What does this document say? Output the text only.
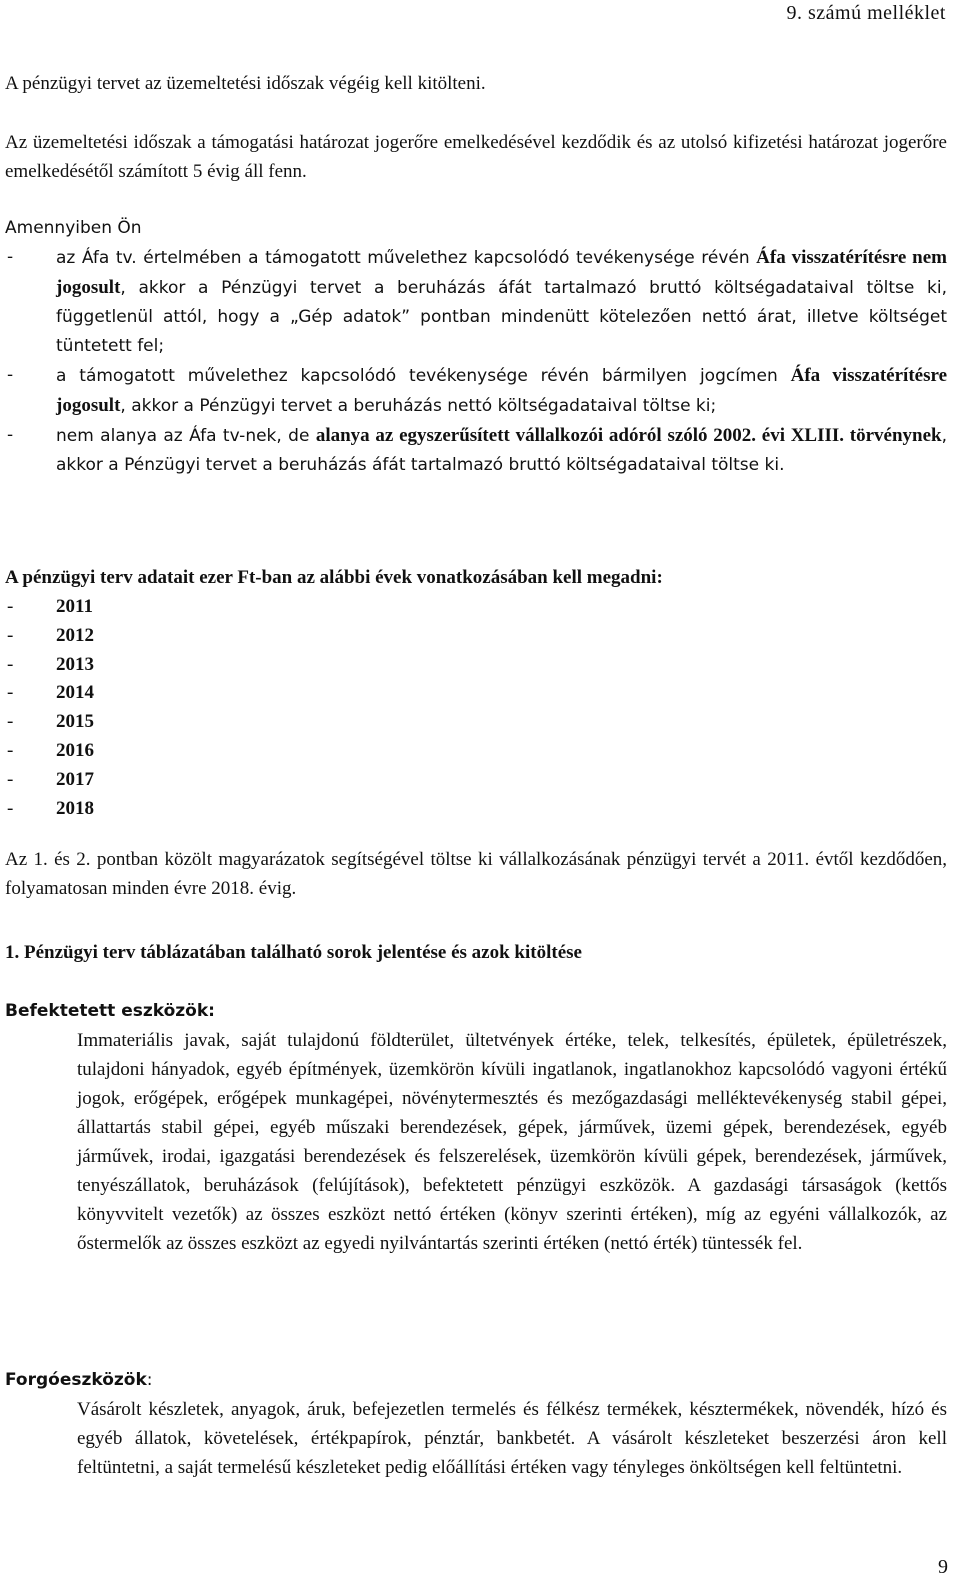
9. számú melléklet

A pénzügyi tervet az üzemeltetési időszak végéig kell kitölteni.

Az üzemeltetési időszak a támogatási határozat jogerőre emelkedésével kezdődik és az utolsó kifizetési határozat jogerőre emelkedésétől számított 5 évig áll fenn.

Amennyiben Ön

-	az Áfa tv. értelmében a támogatott művelethez kapcsolódó tevékenysége révén Áfa visszatérítésre nem jogosult, akkor a Pénzügyi tervet a beruházás áfát tartalmazó bruttó költségadataival töltse ki, függetlenül attól, hogy a „Gép adatok” pontban mindenütt kötelezően nettó árat, illetve költséget tüntetett fel;
-	a támogatott művelethez kapcsolódó tevékenysége révén bármilyen jogcímen Áfa visszatérítésre jogosult, akkor a Pénzügyi tervet a beruházás nettó költségadataival töltse ki;
-	nem alanya az Áfa tv-nek, de alanya az egyszerűsített vállalkozói adóról szóló 2002. évi XLIII. törvénynek, akkor a Pénzügyi tervet a beruházás áfát tartalmazó bruttó költségadataival töltse ki.

A pénzügyi terv adatait ezer Ft-ban az alábbi évek vonatkozásában kell megadni:

- 2011
- 2012
- 2013
- 2014
- 2015
- 2016
- 2017
- 2018

Az 1. és 2. pontban közölt magyarázatok segítségével töltse ki vállalkozásának pénzügyi tervét a 2011. évtől kezdődően, folyamatosan minden évre 2018. évig.

1. Pénzügyi terv táblázatában található sorok jelentése és azok kitöltése

Befektetett eszközök:

Immateriális javak, saját tulajdonú földterület, ültetvények értéke, telek, telkesítés, épületek, épületrészek, tulajdoni hányadok, egyéb építmények, üzemkörön kívüli ingatlanok, ingatlanokhoz kapcsolódó vagyoni értékű jogok, erőgépek, erőgépek munkagépei, növénytermesztés és mezőgazdasági melléktevékenység stabil gépei, állattartás stabil gépei, egyéb műszaki berendezések, gépek, járművek, üzemi gépek, berendezések, egyéb járművek, irodai, igazgatási berendezések és felszerelések, üzemkörön kívüli gépek, berendezések, járművek, tenyészállatok, beruházások (felújítások), befektetett pénzügyi eszközök. A gazdasági társaságok (kettős könyvvitelt vezetők) az összes eszközt nettó értéken (könyv szerinti értéken), míg az egyéni vállalkozók, az őstermelők az összes eszközt az egyedi nyilvántartás szerinti értéken (nettó érték) tüntessék fel.

Forgóeszközök:

Vásárolt készletek, anyagok, áruk, befejezetlen termelés és félkész termékek, késztermékek, növendék, hízó és egyéb állatok, követelések, értékpapírok, pénztár, bankbetét. A vásárolt készleteket beszerzési áron kell feltüntetni, a saját termelésű készleteket pedig előállítási értéken vagy tényleges önköltségen kell feltüntetni.

9
